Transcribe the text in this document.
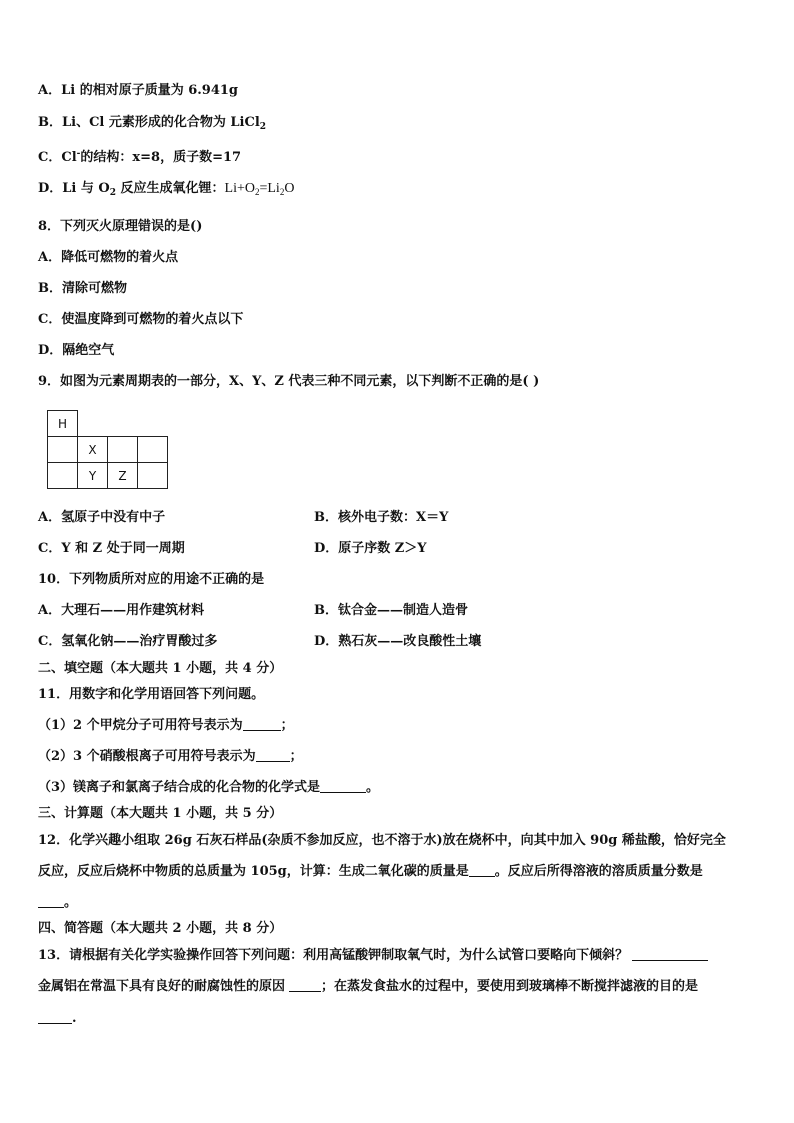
A．Li 的相对原子质量为 6.941g
B．Li、Cl 元素形成的化合物为 LiCl$_2$
C．Cl-的结构：x=8，质子数=17
D．Li 与 $O_2$ 反应生成氧化锂：$Li+O_2=Li_2O$
8．下列灭火原理错误的是()
A．降低可燃物的着火点
B．清除可燃物
C．使温度降到可燃物的着火点以下
D．隔绝空气
9．如图为元素周期表的一部分，X、Y、Z 代表三种不同元素，以下判断不正确的是( )
H			
	X		
	Y	Z	
A．氢原子中没有中子	B．核外电子数：X＝Y
C．Y 和 Z 处于同一周期	D．原子序数 Z＞Y
10．下列物质所对应的用途不正确的是
A．大理石——用作建筑材料	B．钛合金——制造人造骨
C．氢氧化钠——治疗胃酸过多	D．熟石灰——改良酸性土壤
二、填空题（本大题共 1 小题，共 4 分）
11．用数字和化学用语回答下列问题。
（1）2 个甲烷分子可用符号表示为	；
（2）3 个硝酸根离子可用符号表示为	；
（3）镁离子和氯离子结合成的化合物的化学式是	。
三、计算题（本大题共 1 小题，共 5 分）
12．化学兴趣小组取 26g 石灰石样品(杂质不参加反应，也不溶于水)放在烧杯中，向其中加入 90g 稀盐酸，恰好完全
反应，反应后烧杯中物质的总质量为 105g，计算：生成二氧化碳的质量是 。反应后所得溶液的溶质质量分数是
。
四、简答题（本大题共 2 小题，共 8 分）
13．请根据有关化学实验操作回答下列问题：利用高锰酸钾制取氧气时，为什么试管口要略向下倾斜？
金属铝在常温下具有良好的耐腐蚀性的原因	；在蒸发食盐水的过程中，要使用到玻璃棒不断搅拌滤液的目的是
.
